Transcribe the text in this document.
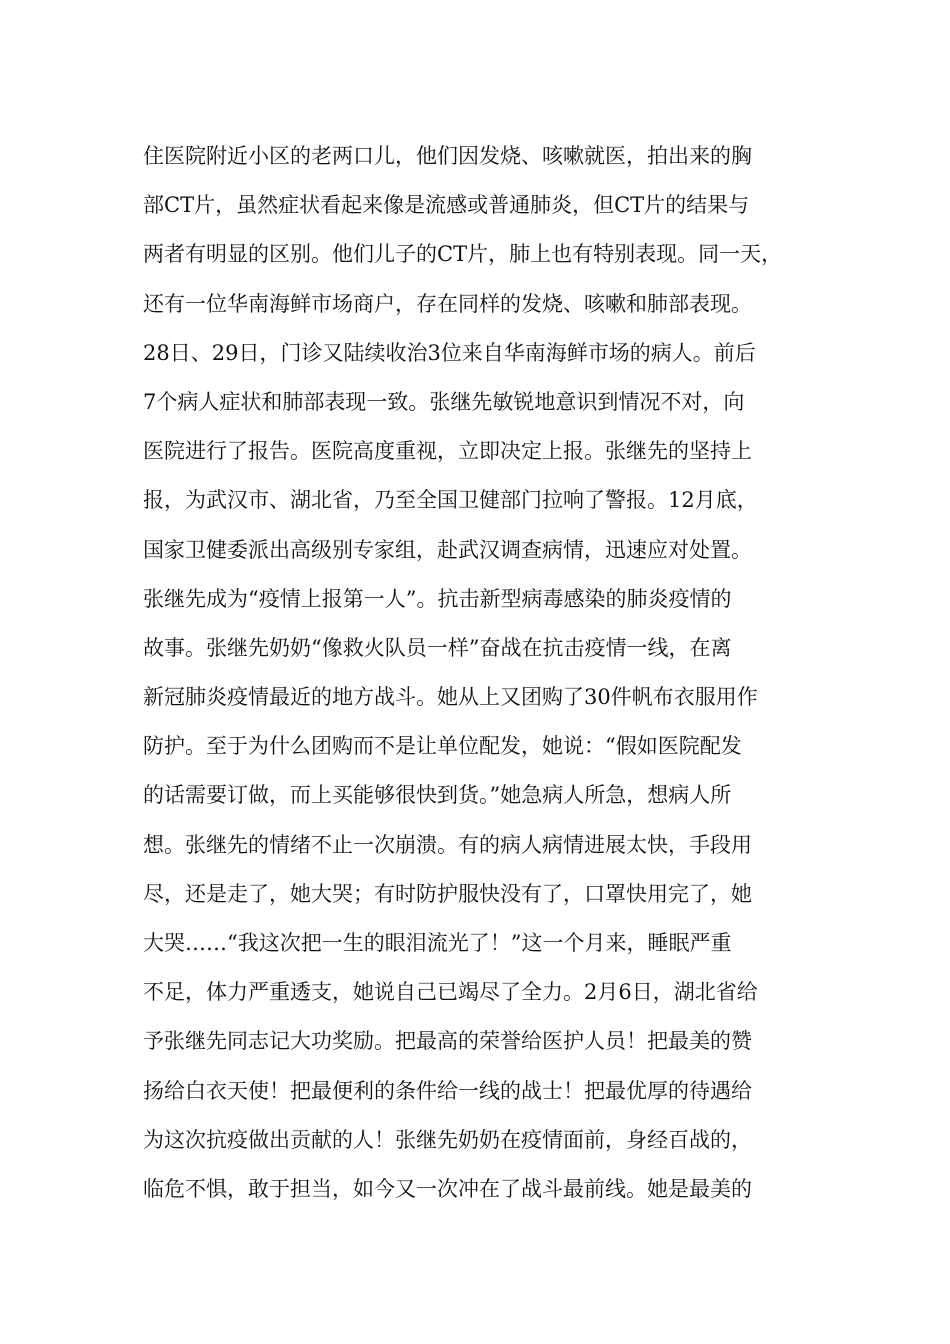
住医院附近小区的老两口儿，他们因发烧、咳嗽就医，拍出来的胸
部CT片，虽然症状看起来像是流感或普通肺炎，但CT片的结果与
两者有明显的区别。他们儿子的CT片，肺上也有特别表现。同一天，
还有一位华南海鲜市场商户，存在同样的发烧、咳嗽和肺部表现。
28日、29日，门诊又陆续收治3位来自华南海鲜市场的病人。前后
7个病人症状和肺部表现一致。张继先敏锐地意识到情况不对，向
医院进行了报告。医院高度重视，立即决定上报。张继先的坚持上
报，为武汉市、湖北省，乃至全国卫健部门拉响了警报。12月底，
国家卫健委派出高级别专家组，赴武汉调查病情，迅速应对处置。
张继先成为“疫情上报第一人”。抗击新型病毒感染的肺炎疫情的
故事。张继先奶奶“像救火队员一样”奋战在抗击疫情一线，在离
新冠肺炎疫情最近的地方战斗。她从上又团购了30件帆布衣服用作
防护。至于为什么团购而不是让单位配发，她说：“假如医院配发
的话需要订做，而上买能够很快到货。”她急病人所急，想病人所
想。张继先的情绪不止一次崩溃。有的病人病情进展太快，手段用
尽，还是走了，她大哭；有时防护服快没有了，口罩快用完了，她
大哭……“我这次把一生的眼泪流光了！”这一个月来，睡眠严重
不足，体力严重透支，她说自己已竭尽了全力。2月6日，湖北省给
予张继先同志记大功奖励。把最高的荣誉给医护人员！把最美的赞
扬给白衣天使！把最便利的条件给一线的战士！把最优厚的待遇给
为这次抗疫做出贡献的人！张继先奶奶在疫情面前，身经百战的，
临危不惧，敢于担当，如今又一次冲在了战斗最前线。她是最美的
